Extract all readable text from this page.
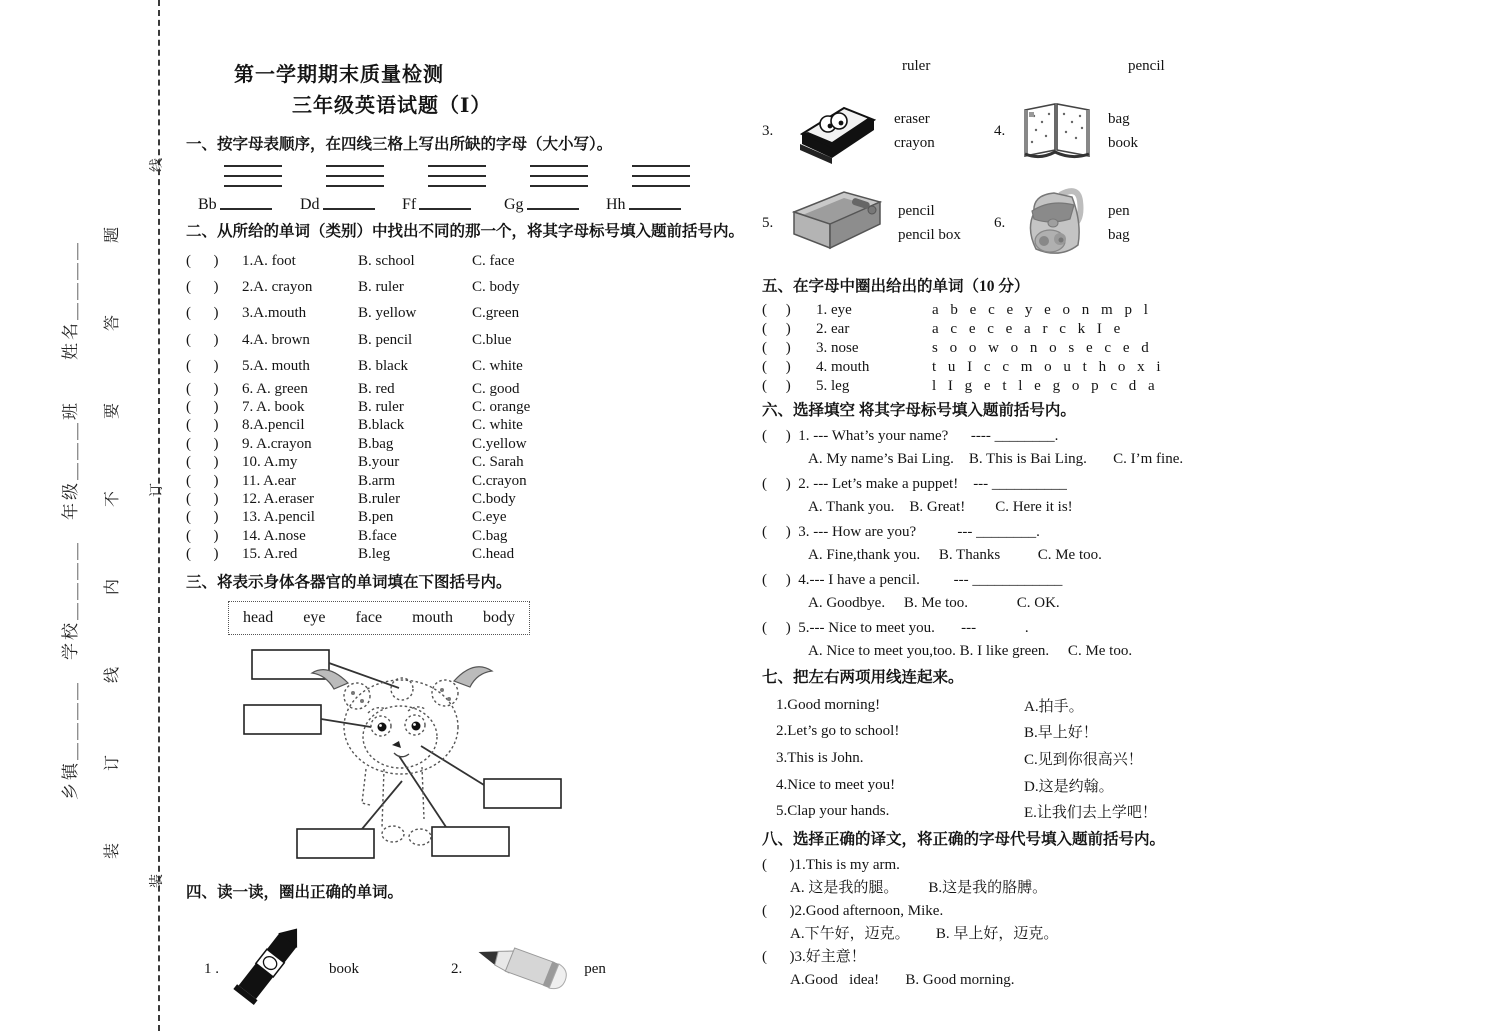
乡镇＿＿＿＿　学校＿＿＿＿　年级＿＿＿班　　姓名＿＿＿＿	装订线内不要答题 线
订
装
第一学期期末质量检测
三年级英语试题（Ⅰ）
一、按字母表顺序，在四线三格上写出所缺的字母（大小写）。
Bb	Dd	Ff	Gg	Hh
二、从所给的单词（类别）中找出不同的那一个，将其字母标号填入题前括号内。
(      )	1.A. foot	B. school	C. face
(      )	2.A. crayon	B. ruler	C. body
(      )	3.A.mouth	B. yellow	C.green
(      )	4.A. brown	B. pencil	C.blue
(      )	5.A. mouth	B. black	C. white
(      )	6. A. green	B. red	C. good
(      )	7. A. book	B. ruler	C. orange
(      )	8.A.pencil	B.black	C. white
(      )	9. A.crayon	B.bag	C.yellow
(      )	10. A.my	B.your	C. Sarah
(      )	11. A.ear	B.arm	C.crayon
(      )	12. A.eraser	B.ruler	C.body
(      )	13. A.pencil	B.pen	C.eye
(      )	14. A.nose	B.face	C.bag
(      )	15. A.red	B.leg	C.head
三、将表示身体各器官的单词填在下图括号内。
head eye face mouth body
四、读一读，圈出正确的单词。
1 .	book	2.	pen
ruler	pencil
3.
eraser
crayon
4.
bag
book
5.
pencil
pencil box
6.
pen
bag
五、在字母中圈出给出的单词（10 分）
(     )	1. eye	a b e c e y e o n m p l
(     )	2. ear	a c e c e a r c k I e
(     )	3. nose	s o o w o n o s e c e d
(     )	4. mouth	t u I c c m o u t h o x i
(     )	5. leg	l I g e t l e g o p c d a
六、选择填空 将其字母标号填入题前括号内。
(     ) 1. --- What’s your name?      ---- ________.
A. My name’s Bai Ling.    B. This is Bai Ling.       C. I’m fine.
(     ) 2. --- Let’s make a puppet!    --- __________
A. Thank you.    B. Great!        C. Here it is!
(     ) 3. --- How are you?           --- ________.
A. Fine,thank you.     B. Thanks          C. Me too.
(     ) 4.--- I have a pencil.         --- ____________
A. Goodbye.     B. Me too.             C. OK.
(     ) 5.--- Nice to meet you.       ---             .
A. Nice to meet you,too. B. I like green.     C. Me too.
七、把左右两项用线连起来。
1.Good morning!	A.拍手。
2.Let’s go to school!	B.早上好！
3.This is John.	C.见到你很高兴！
4.Nice to meet you!	D.这是约翰。
5.Clap your hands.	E.让我们去上学吧！
八、选择正确的译文，将正确的字母代号填入题前括号内。
(      )1.This is my arm.
A. 这是我的腿。        B.这是我的胳膊。
(      )2.Good afternoon, Mike.
A.下午好，迈克。       B. 早上好，迈克。
(      )3.好主意！
A.Good   idea!       B. Good morning.
